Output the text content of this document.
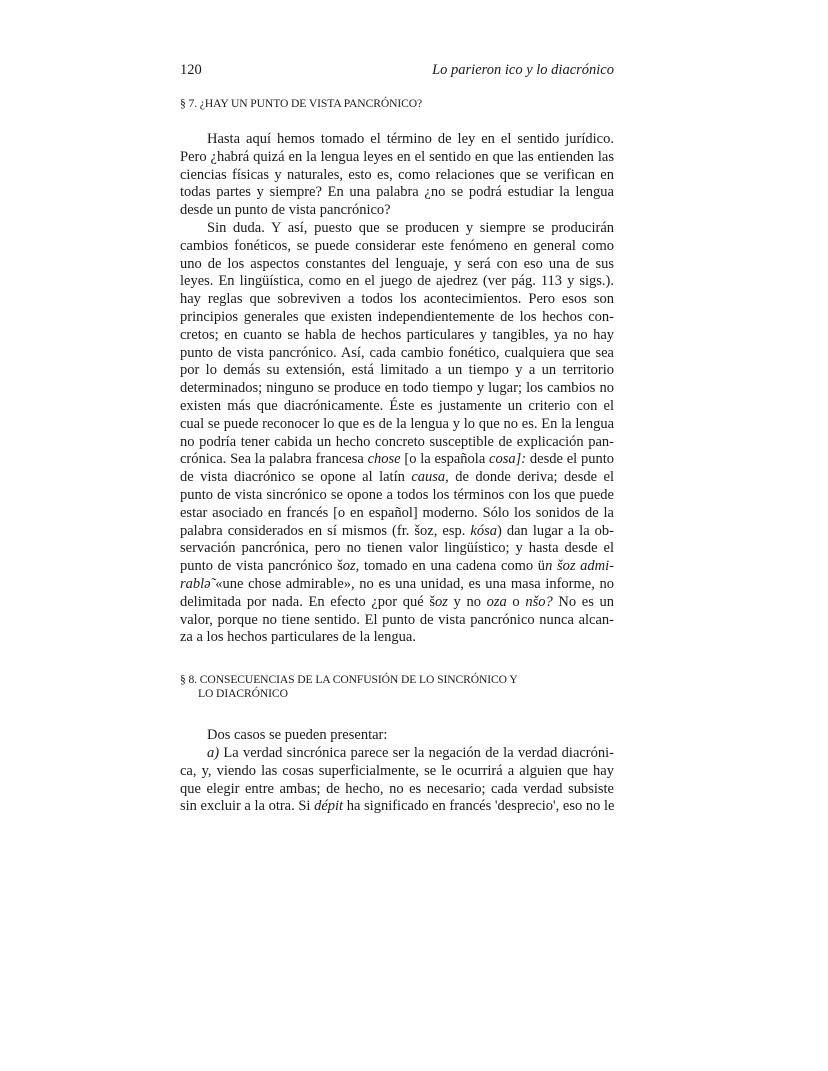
120	Lo parieron ico y lo diacrónico
§ 7. ¿HAY UN PUNTO DE VISTA PANCRÓNICO?
Hasta aquí hemos tomado el término de ley en el sentido jurídico.
Pero ¿habrá quizá en la lengua leyes en el sentido en que las entienden las
ciencias físicas y naturales, esto es, como relaciones que se verifican en
todas partes y siempre? En una palabra ¿no se podrá estudiar la lengua
desde un punto de vista pancrónico?
Sin duda. Y así, puesto que se producen y siempre se producirán
cambios fonéticos, se puede considerar este fenómeno en general como
uno de los aspectos constantes del lenguaje, y será con eso una de sus
leyes. En lingüística, como en el juego de ajedrez (ver pág. 113 y sigs.).
hay reglas que sobreviven a todos los acontecimientos. Pero esos son
principios generales que existen independientemente de los hechos con-
cretos; en cuanto se habla de hechos particulares y tangibles, ya no hay
punto de vista pancrónico. Así, cada cambio fonético, cualquiera que sea
por lo demás su extensión, está limitado a un tiempo y a un territorio
determinados; ninguno se produce en todo tiempo y lugar; los cambios no
existen más que diacrónicamente. Éste es justamente un criterio con el
cual se puede reconocer lo que es de la lengua y lo que no es. En la lengua
no podría tener cabida un hecho concreto susceptible de explicación pan-
crónica. Sea la palabra francesa chose [o la española cosa]: desde el punto
de vista diacrónico se opone al latín causa, de donde deriva; desde el
punto de vista sincrónico se opone a todos los términos con los que puede
estar asociado en francés [o en español] moderno. Sólo los sonidos de la
palabra considerados en sí mismos (fr. šoz, esp. kósa) dan lugar a la ob-
servación pancrónica, pero no tienen valor lingüístico; y hasta desde el
punto de vista pancrónico šoz, tomado en una cadena como ün šoz admi-
rablə̃ «une chose admirable», no es una unidad, es una masa informe, no
delimitada por nada. En efecto ¿por qué šoz y no oza o nšo? No es un
valor, porque no tiene sentido. El punto de vista pancrónico nunca alcan-
za a los hechos particulares de la lengua.
§ 8. CONSECUENCIAS DE LA CONFUSIÓN DE LO SINCRÓNICO Y
LO DIACRÓNICO
Dos casos se pueden presentar:
a) La verdad sincrónica parece ser la negación de la verdad diacróni-
ca, y, viendo las cosas superficialmente, se le ocurrirá a alguien que hay
que elegir entre ambas; de hecho, no es necesario; cada verdad subsiste
sin excluir a la otra. Si dépit ha significado en francés 'desprecio', eso no le
